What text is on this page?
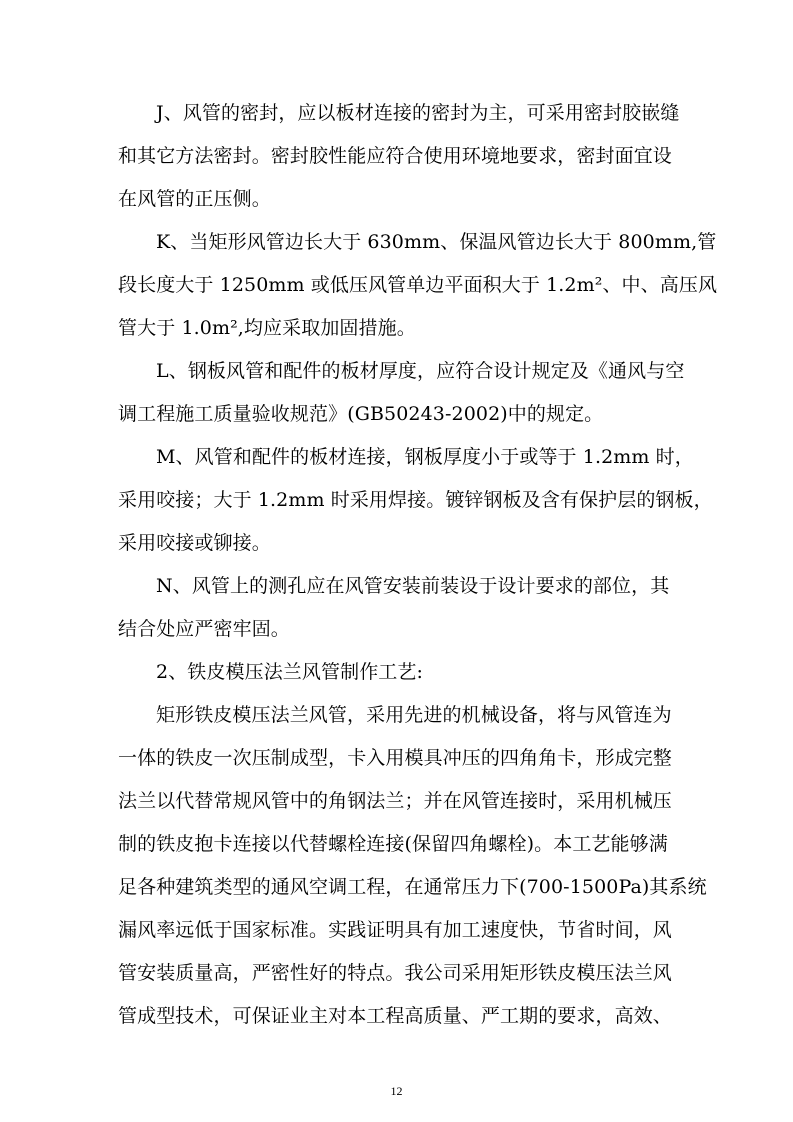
J、风管的密封，应以板材连接的密封为主，可采用密封胶嵌缝
和其它方法密封。密封胶性能应符合使用环境地要求，密封面宜设
在风管的正压侧。
K、当矩形风管边长大于 630mm、保温风管边长大于 800mm,管
段长度大于 1250mm 或低压风管单边平面积大于 1.2m²、中、高压风
管大于 1.0m²,均应采取加固措施。
L、钢板风管和配件的板材厚度，应符合设计规定及《通风与空
调工程施工质量验收规范》(GB50243-2002)中的规定。
M、风管和配件的板材连接，钢板厚度小于或等于 1.2mm 时，
采用咬接；大于 1.2mm 时采用焊接。镀锌钢板及含有保护层的钢板，
采用咬接或铆接。
N、风管上的测孔应在风管安装前装设于设计要求的部位，其
结合处应严密牢固。
2、铁皮模压法兰风管制作工艺:
矩形铁皮模压法兰风管，采用先进的机械设备，将与风管连为
一体的铁皮一次压制成型，卡入用模具冲压的四角角卡，形成完整
法兰以代替常规风管中的角钢法兰；并在风管连接时，采用机械压
制的铁皮抱卡连接以代替螺栓连接(保留四角螺栓)。本工艺能够满
足各种建筑类型的通风空调工程，在通常压力下(700-1500Pa)其系统
漏风率远低于国家标准。实践证明具有加工速度快，节省时间，风
管安装质量高，严密性好的特点。我公司采用矩形铁皮模压法兰风
管成型技术，可保证业主对本工程高质量、严工期的要求，高效、
12
